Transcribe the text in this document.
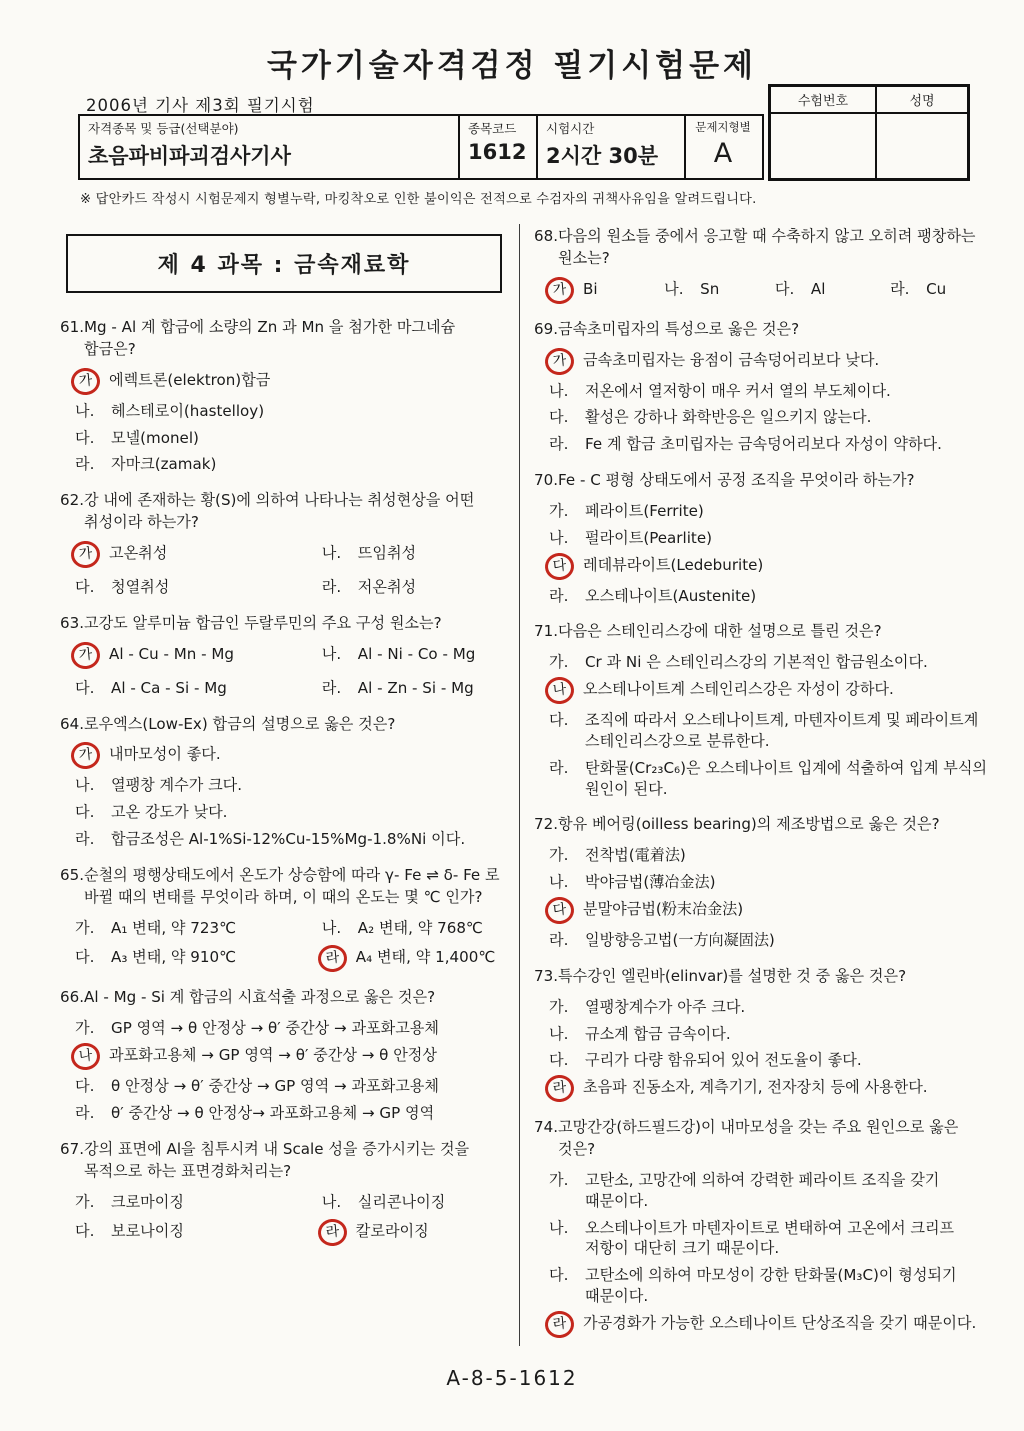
국가기술자격검정 필기시험문제
2006년 기사 제3회 필기시험	수험번호	성명
자격종목 및 등급(선택분야)
초음파비파괴검사기사
종목코드
1612
시험시간
2시간 30분
문제지형별
A
※ 답안카드 작성시 시험문제지 형별누락, 마킹착오로 인한 불이익은 전적으로 수검자의 귀책사유임을 알려드립니다.
제 4 과목 : 금속재료학
61. Mg - Al 계 합금에 소량의 Zn 과 Mn 을 첨가한 마그네슘 합금은?
가	에렉트론(elektron)합금
나.	헤스테로이(hastelloy)
다.	모넬(monel)
라.	자마크(zamak)
62. 강 내에 존재하는 황(S)에 의하여 나타나는 취성현상을 어떤 취성이라 하는가?
가	고온취성	나.	뜨임취성
다.	청열취성	라.	저온취성
63. 고강도 알루미늄 합금인 두랄루민의 주요 구성 원소는?
가	Al - Cu - Mn - Mg	나.	Al - Ni - Co - Mg
다.	Al - Ca - Si - Mg	라.	Al - Zn - Si - Mg
64. 로우엑스(Low-Ex) 합금의 설명으로 옳은 것은?
가	내마모성이 좋다.
나.	열팽창 계수가 크다.
다.	고온 강도가 낮다.
라.	합금조성은 Al-1%Si-12%Cu-15%Mg-1.8%Ni 이다.
65. 순철의 평행상태도에서 온도가 상승함에 따라 γ- Fe ⇌ δ- Fe 로 바뀔 때의 변태를 무엇이라 하며, 이 때의 온도는 몇 ℃ 인가?
가.	A₁ 변태, 약 723℃	나.	A₂ 변태, 약 768℃
다.	A₃ 변태, 약 910℃	라	A₄ 변태, 약 1,400℃
66. Al - Mg - Si 계 합금의 시효석출 과정으로 옳은 것은?
가.	GP 영역 → θ 안정상 → θ′ 중간상 → 과포화고용체
나	과포화고용체 → GP 영역 → θ′ 중간상 → θ 안정상
다.	θ 안정상 → θ′ 중간상 → GP 영역 → 과포화고용체
라.	θ′ 중간상 → θ 안정상→ 과포화고용체 → GP 영역
67. 강의 표면에 Al을 침투시켜 내 Scale 성을 증가시키는 것을 목적으로 하는 표면경화처리는?
가.	크로마이징	나.	실리콘나이징
다.	보로나이징	라	칼로라이징
68. 다음의 원소들 중에서 응고할 때 수축하지 않고 오히려 팽창하는 원소는?
가	Bi	나.	Sn	다.	Al	라.	Cu
69. 금속초미립자의 특성으로 옳은 것은?
가	금속초미립자는 융점이 금속덩어리보다 낮다.
나.	저온에서 열저항이 매우 커서 열의 부도체이다.
다.	활성은 강하나 화학반응은 일으키지 않는다.
라.	Fe 계 합금 초미립자는 금속덩어리보다 자성이 약하다.
70. Fe - C 평형 상태도에서 공정 조직을 무엇이라 하는가?
가.	페라이트(Ferrite)
나.	펄라이트(Pearlite)
다	레데뷰라이트(Ledeburite)
라.	오스테나이트(Austenite)
71. 다음은 스테인리스강에 대한 설명으로 틀린 것은?
가.	Cr 과 Ni 은 스테인리스강의 기본적인 합금원소이다.
나	오스테나이트계 스테인리스강은 자성이 강하다.
다.	조직에 따라서 오스테나이트계, 마텐자이트계 및 페라이트계 스테인리스강으로 분류한다.
라.	탄화물(Cr₂₃C₆)은 오스테나이트 입계에 석출하여 입계 부식의 원인이 된다.
72. 항유 베어링(oilless bearing)의 제조방법으로 옳은 것은?
가.	전착법(電着法)
나.	박야금법(薄冶金法)
다	분말야금법(粉末冶金法)
라.	일방향응고법(一方向凝固法)
73. 특수강인 엘린바(elinvar)를 설명한 것 중 옳은 것은?
가.	열팽창계수가 아주 크다.
나.	규소계 합금 금속이다.
다.	구리가 다량 함유되어 있어 전도율이 좋다.
라	초음파 진동소자, 계측기기, 전자장치 등에 사용한다.
74. 고망간강(하드필드강)이 내마모성을 갖는 주요 원인으로 옳은 것은?
가.	고탄소, 고망간에 의하여 강력한 페라이트 조직을 갖기 때문이다.
나.	오스테나이트가 마텐자이트로 변태하여 고온에서 크리프 저항이 대단히 크기 때문이다.
다.	고탄소에 의하여 마모성이 강한 탄화물(M₃C)이 형성되기 때문이다.
라	가공경화가 가능한 오스테나이트 단상조직을 갖기 때문이다.
A-8-5-1612
